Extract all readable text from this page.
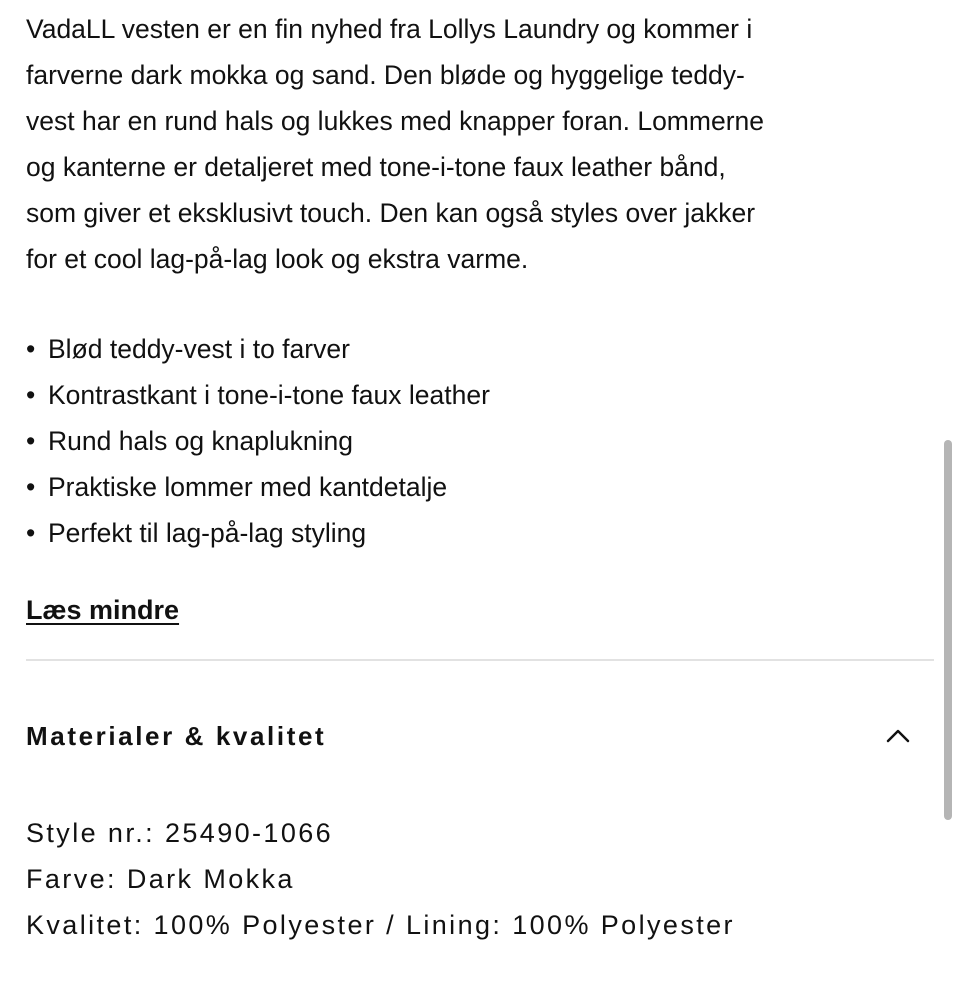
VadaLL vesten er en fin nyhed fra Lollys Laundry og kommer i
farverne dark mokka og sand. Den bløde og hyggelige teddy-
vest har en rund hals og lukkes med knapper foran. Lommerne
og kanterne er detaljeret med tone-i-tone faux leather bånd,
som giver et eksklusivt touch. Den kan også styles over jakker
for et cool lag-på-lag look og ekstra varme.

• Blød teddy-vest i to farver
• Kontrastkant i tone-i-tone faux leather
• Rund hals og knaplukning
• Praktiske lommer med kantdetalje
• Perfekt til lag-på-lag styling
Læs mindre
Materialer & kvalitet
Style nr.: 25490-1066
Farve: Dark Mokka
Kvalitet: 100% Polyester / Lining: 100% Polyester
